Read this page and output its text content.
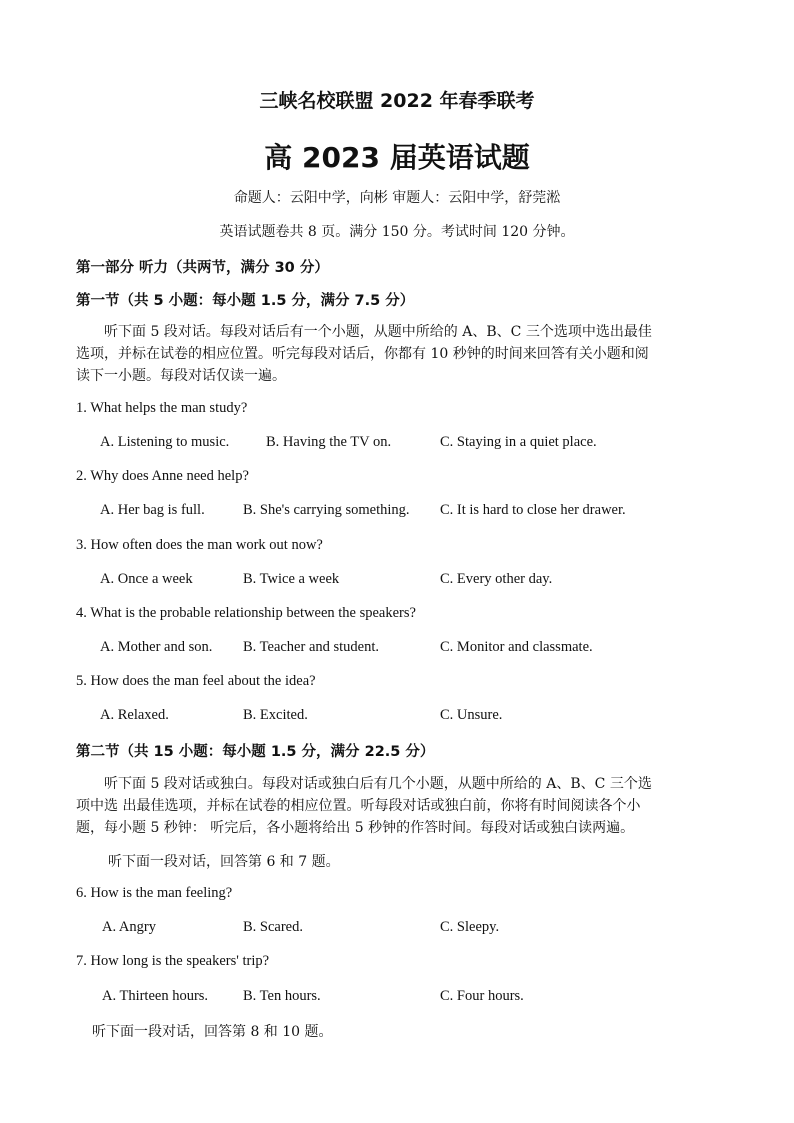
三峡名校联盟 2022 年春季联考
高 2023 届英语试题
命题人：云阳中学，向彬 审题人：云阳中学，舒莞淞
英语试题卷共 8 页。满分 150 分。考试时间 120 分钟。
第一部分 听力（共两节，满分 30 分）
第一节（共 5 小题：每小题 1.5 分，满分 7.5 分）

听下面 5 段对话。每段对话后有一个小题，从题中所给的 A、B、C 三个选项中选出最佳

选项，并标在试卷的相应位置。听完每段对话后，你都有 10 秒钟的时间来回答有关小题和阅

读下一小题。每段对话仅读一遍。

1. What helps the man study?
A. Listening to music.	B. Having the TV on.	C. Staying in a quiet place.
2. Why does Anne need help?
A. Her bag is full.	B. She's carrying something. C. It is hard to close her drawer.
3. How often does the man work out now?
A. Once a week	B. Twice a week	C. Every other day.
4. What is the probable relationship between the speakers?
A. Mother and son. B. Teacher and student.	C. Monitor and classmate.
5. How does the man feel about the idea?
A. Relaxed.	B. Excited.	C. Unsure.
第二节（共 15 小题：每小题 1.5 分，满分 22.5 分）

听下面 5 段对话或独白。每段对话或独白后有几个小题，从题中所给的 A、B、C 三个选

项中选 出最佳选项，并标在试卷的相应位置。听每段对话或独白前，你将有时间阅读各个小

题，每小题 5 秒钟： 听完后，各小题将给出 5 秒钟的作答时间。每段对话或独白读两遍。

听下面一段对话，回答第 6 和 7 题。
6. How is the man feeling?
A. Angry	B. Scared.	C. Sleepy.
7. How long is the speakers' trip?
A. Thirteen hours. B. Ten hours.	C. Four hours.
听下面一段对话，回答第 8 和 10 题。
